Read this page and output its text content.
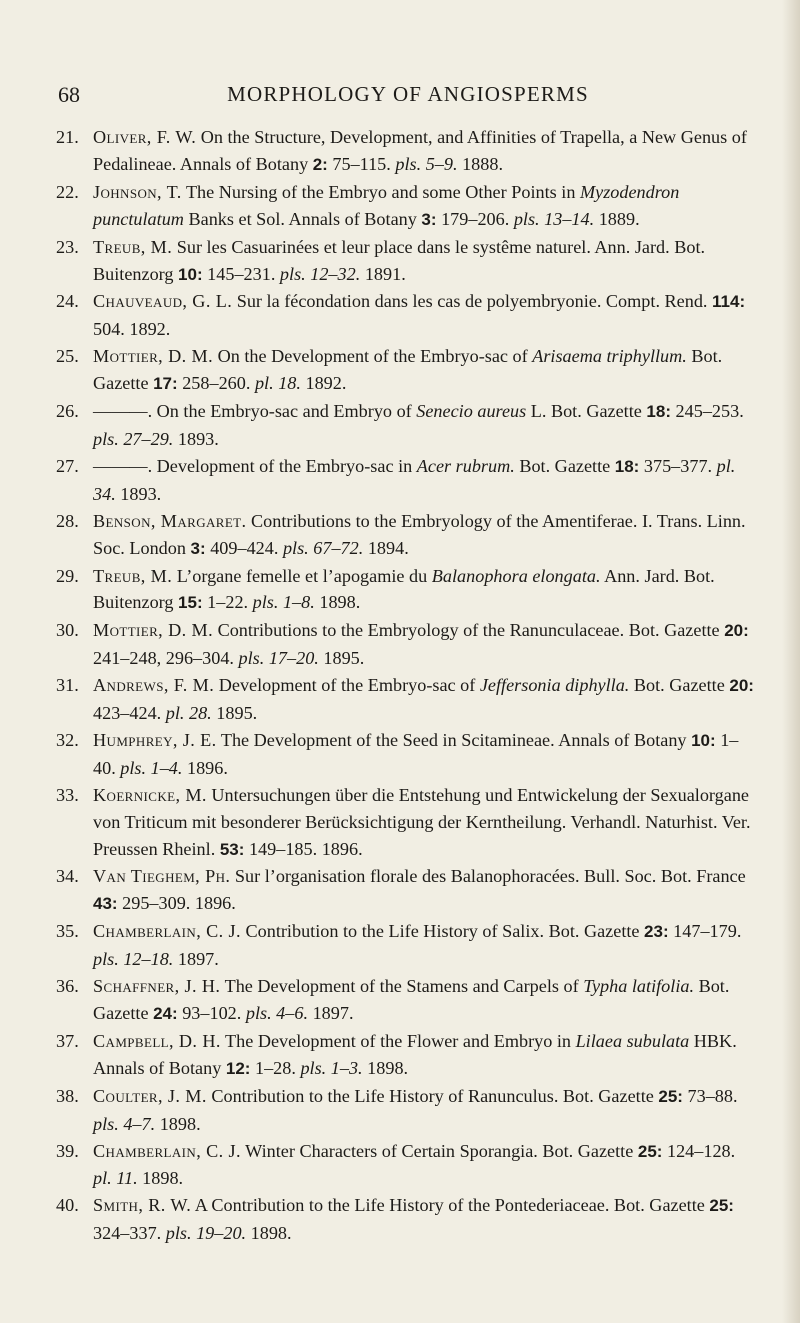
68	MORPHOLOGY OF ANGIOSPERMS
21. Oliver, F. W. On the Structure, Development, and Affinities of Trapella, a New Genus of Pedalineae. Annals of Botany 2: 75–115. pls. 5–9. 1888.
22. Johnson, T. The Nursing of the Embryo and some Other Points in Myzodendron punctulatum Banks et Sol. Annals of Botany 3: 179–206. pls. 13–14. 1889.
23. Treub, M. Sur les Casuarinées et leur place dans le systême naturel. Ann. Jard. Bot. Buitenzorg 10: 145–231. pls. 12–32. 1891.
24. Chauveaud, G. L. Sur la fécondation dans les cas de polyembryonie. Compt. Rend. 114: 504. 1892.
25. Mottier, D. M. On the Development of the Embryo-sac of Arisaema triphyllum. Bot. Gazette 17: 258–260. pl. 18. 1892.
26. ———. On the Embryo-sac and Embryo of Senecio aureus L. Bot. Gazette 18: 245–253. pls. 27–29. 1893.
27. ———. Development of the Embryo-sac in Acer rubrum. Bot. Gazette 18: 375–377. pl. 34. 1893.
28. Benson, Margaret. Contributions to the Embryology of the Amentiferae. I. Trans. Linn. Soc. London 3: 409–424. pls. 67–72. 1894.
29. Treub, M. L’organe femelle et l’apogamie du Balanophora elongata. Ann. Jard. Bot. Buitenzorg 15: 1–22. pls. 1–8. 1898.
30. Mottier, D. M. Contributions to the Embryology of the Ranunculaceae. Bot. Gazette 20: 241–248, 296–304. pls. 17–20. 1895.
31. Andrews, F. M. Development of the Embryo-sac of Jeffersonia diphylla. Bot. Gazette 20: 423–424. pl. 28. 1895.
32. Humphrey, J. E. The Development of the Seed in Scitamineae. Annals of Botany 10: 1–40. pls. 1–4. 1896.
33. Koernicke, M. Untersuchungen über die Entstehung und Entwickelung der Sexualorgane von Triticum mit besonderer Berücksichtigung der Kerntheilung. Verhandl. Naturhist. Ver. Preussen Rheinl. 53: 149–185. 1896.
34. Van Tieghem, Ph. Sur l’organisation florale des Balanophoracées. Bull. Soc. Bot. France 43: 295–309. 1896.
35. Chamberlain, C. J. Contribution to the Life History of Salix. Bot. Gazette 23: 147–179. pls. 12–18. 1897.
36. Schaffner, J. H. The Development of the Stamens and Carpels of Typha latifolia. Bot. Gazette 24: 93–102. pls. 4–6. 1897.
37. Campbell, D. H. The Development of the Flower and Embryo in Lilaea subulata HBK. Annals of Botany 12: 1–28. pls. 1–3. 1898.
38. Coulter, J. M. Contribution to the Life History of Ranunculus. Bot. Gazette 25: 73–88. pls. 4–7. 1898.
39. Chamberlain, C. J. Winter Characters of Certain Sporangia. Bot. Gazette 25: 124–128. pl. 11. 1898.
40. Smith, R. W. A Contribution to the Life History of the Pontederiaceae. Bot. Gazette 25: 324–337. pls. 19–20. 1898.
